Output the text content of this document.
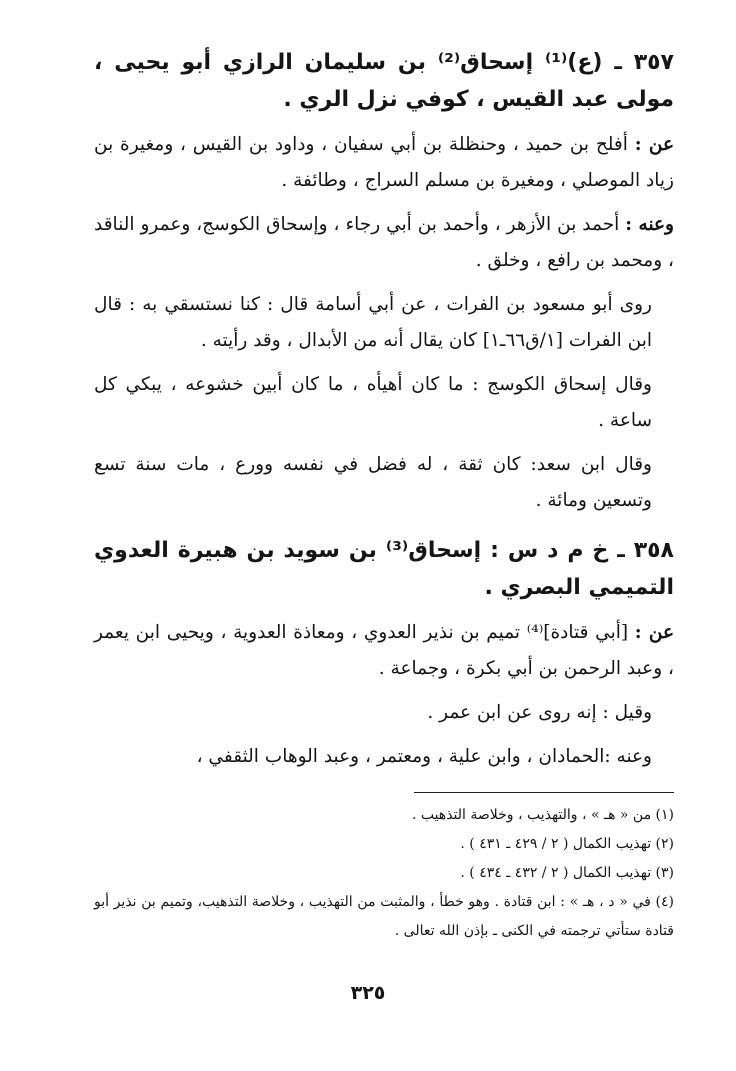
٣٥٧ ـ (ع)⁽¹⁾ إسحاق⁽²⁾ بن سليمان الرازي أبو يحيى ، مولى عبد القيس ، كوفي نزل الري .

عن : أفلح بن حميد ، وحنظلة بن أبي سفيان ، وداود بن القيس ، ومغيرة بن زياد الموصلي ، ومغيرة بن مسلم السراج ، وطائفة .

وعنه : أحمد بن الأزهر ، وأحمد بن أبي رجاء ، وإسحاق الكوسج، وعمرو الناقد ، ومحمد بن رافع ، وخلق .

روى أبو مسعود بن الفرات ، عن أبي أسامة قال : كنا نستسقي به : قال ابن الفرات [١/ق٦٦ـ١] كان يقال أنه من الأبدال ، وقد رأيته .

وقال إسحاق الكوسج : ما كان أهيأه ، ما كان أبين خشوعه ، يبكي كل ساعة .

وقال ابن سعد: كان ثقة ، له فضل في نفسه وورع ، مات سنة تسع وتسعين ومائة .

٣٥٨ ـ خ م د س : إسحاق⁽³⁾ بن سويد بن هبيرة العدوي التميمي البصري .

عن : [أبي قتادة]⁽⁴⁾ تميم بن نذير العدوي ، ومعاذة العدوية ، ويحيى ابن يعمر ، وعبد الرحمن بن أبي بكرة ، وجماعة .

وقيل : إنه روى عن ابن عمر .

وعنه :الحمادان ، وابن علية ، ومعتمر ، وعبد الوهاب الثقفي ،

(١) من « هـ » ، والتهذيب ، وخلاصة التذهيب .

(٢) تهذيب الكمال ( ٢ / ٤٢٩ ـ ٤٣١ ) .

(٣) تهذيب الكمال ( ٢ / ٤٣٢ ـ ٤٣٤ ) .

(٤) في « د ، هـ » : ابن قتادة . وهو خطأ ، والمثبت من التهذيب ، وخلاصة التذهيب، وتميم بن نذير أبو قتادة ستأتي ترجمته في الكنى ـ بإذن الله تعالى .

٣٢٥
